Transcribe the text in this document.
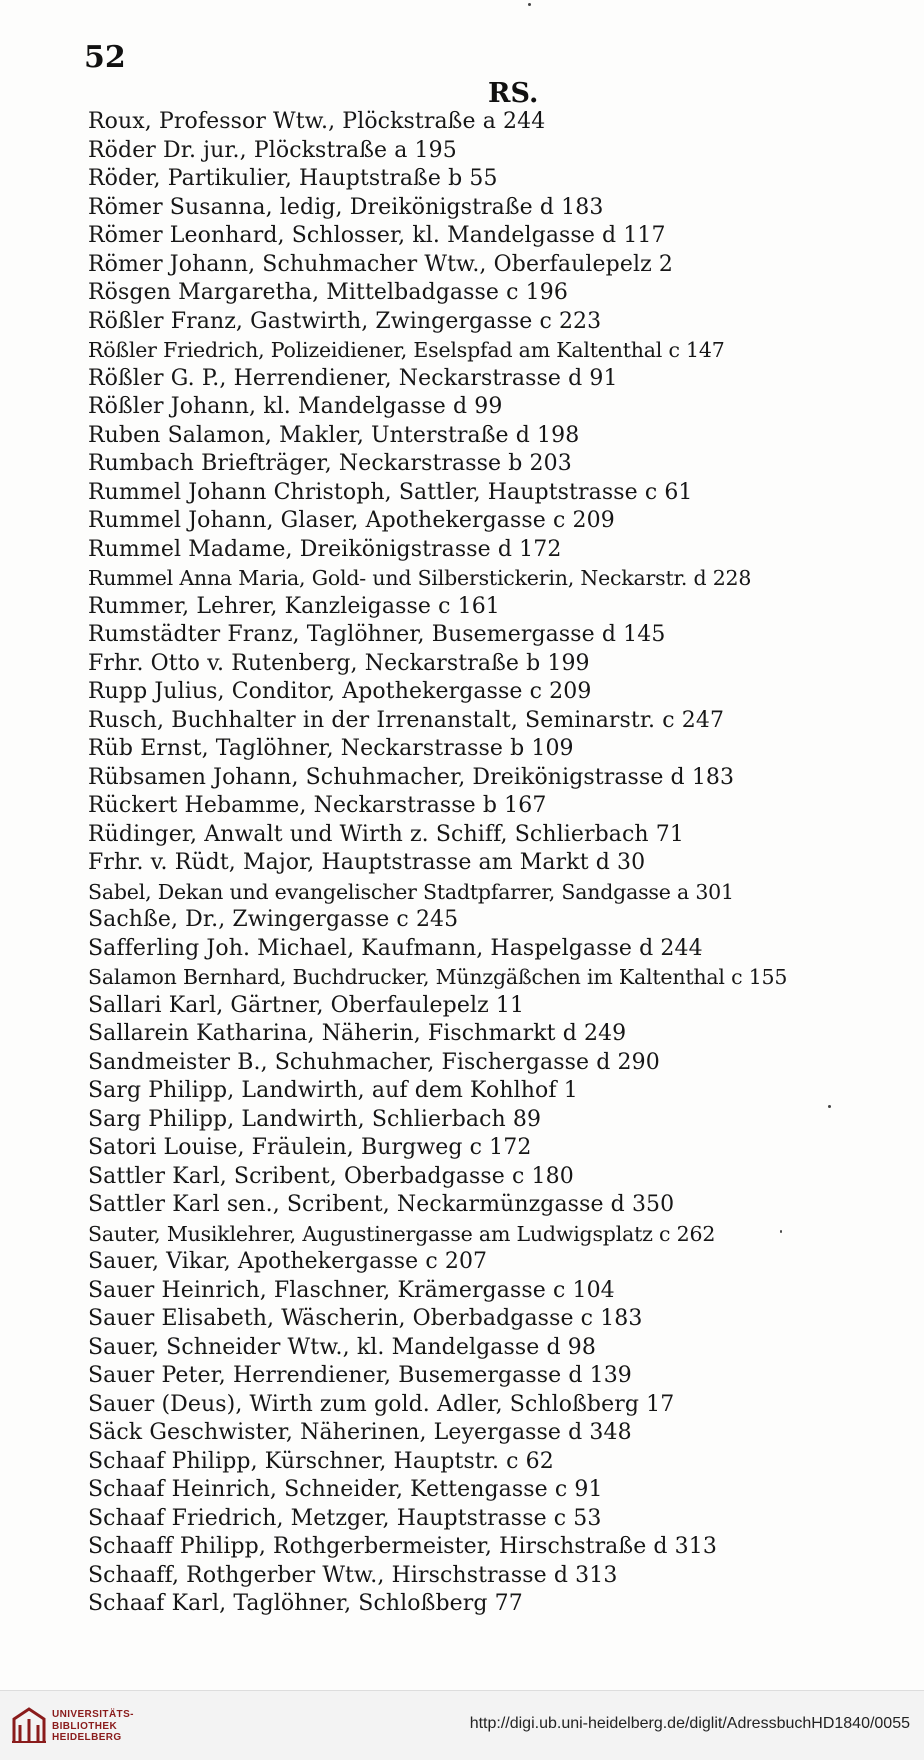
52
RS.
Roux, Professor Wtw., Plöckstraße a 244
Röder Dr. jur., Plöckstraße a 195
Röder, Partikulier, Hauptstraße b 55
Römer Susanna, ledig, Dreikönigstraße d 183
Römer Leonhard, Schlosser, kl. Mandelgasse d 117
Römer Johann, Schuhmacher Wtw., Oberfaulepelz 2
Rösgen Margaretha, Mittelbadgasse c 196
Rößler Franz, Gastwirth, Zwingergasse c 223
Rößler Friedrich, Polizeidiener, Eselspfad am Kaltenthal c 147
Rößler G. P., Herrendiener, Neckarstrasse d 91
Rößler Johann, kl. Mandelgasse d 99
Ruben Salamon, Makler, Unterstraße d 198
Rumbach Briefträger, Neckarstrasse b 203
Rummel Johann Christoph, Sattler, Hauptstrasse c 61
Rummel Johann, Glaser, Apothekergasse c 209
Rummel Madame, Dreikönigstrasse d 172
Rummel Anna Maria, Gold- und Silberstickerin, Neckarstr. d 228
Rummer, Lehrer, Kanzleigasse c 161
Rumstädter Franz, Taglöhner, Busemergasse d 145
Frhr. Otto v. Rutenberg, Neckarstraße b 199
Rupp Julius, Conditor, Apothekergasse c 209
Rusch, Buchhalter in der Irrenanstalt, Seminarstr. c 247
Rüb Ernst, Taglöhner, Neckarstrasse b 109
Rübsamen Johann, Schuhmacher, Dreikönigstrasse d 183
Rückert Hebamme, Neckarstrasse b 167
Rüdinger, Anwalt und Wirth z. Schiff, Schlierbach 71
Frhr. v. Rüdt, Major, Hauptstrasse am Markt d 30
Sabel, Dekan und evangelischer Stadtpfarrer, Sandgasse a 301
Sachße, Dr., Zwingergasse c 245
Safferling Joh. Michael, Kaufmann, Haspelgasse d 244
Salamon Bernhard, Buchdrucker, Münzgäßchen im Kaltenthal c 155
Sallari Karl, Gärtner, Oberfaulepelz 11
Sallarein Katharina, Näherin, Fischmarkt d 249
Sandmeister B., Schuhmacher, Fischergasse d 290
Sarg Philipp, Landwirth, auf dem Kohlhof 1
Sarg Philipp, Landwirth, Schlierbach 89
Satori Louise, Fräulein, Burgweg c 172
Sattler Karl, Scribent, Oberbadgasse c 180
Sattler Karl sen., Scribent, Neckarmünzgasse d 350
Sauter, Musiklehrer, Augustinergasse am Ludwigsplatz c 262
Sauer, Vikar, Apothekergasse c 207
Sauer Heinrich, Flaschner, Krämergasse c 104
Sauer Elisabeth, Wäscherin, Oberbadgasse c 183
Sauer, Schneider Wtw., kl. Mandelgasse d 98
Sauer Peter, Herrendiener, Busemergasse d 139
Sauer (Deus), Wirth zum gold. Adler, Schloßberg 17
Säck Geschwister, Näherinen, Leyergasse d 348
Schaaf Philipp, Kürschner, Hauptstr. c 62
Schaaf Heinrich, Schneider, Kettengasse c 91
Schaaf Friedrich, Metzger, Hauptstrasse c 53
Schaaff Philipp, Rothgerbermeister, Hirschstraße d 313
Schaaff, Rothgerber Wtw., Hirschstrasse d 313
Schaaf Karl, Taglöhner, Schloßberg 77
UNIVERSITÄTS-
BIBLIOTHEK
HEIDELBERG
http://digi.ub.uni-heidelberg.de/diglit/AdressbuchHD1840/0055
